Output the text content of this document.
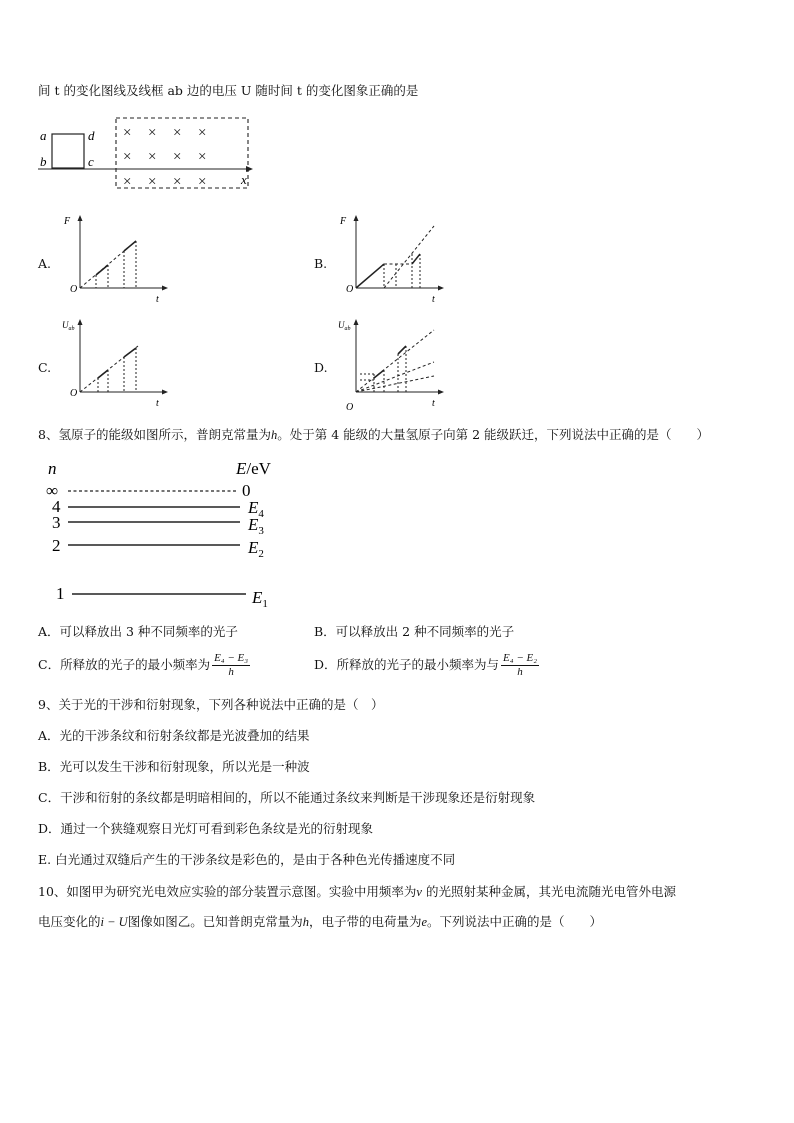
间 t 的变化图线及线框 ab 边的电压 U 随时间 t 的变化图象正确的是
a
b
d
c
x
× × × ×
× × × ×
× × × ×
A.	B.
C.	D.
F
O
t
F
O
t
$U_{ab}$
O
t
$U_{ab}$
O	t
8、氢原子的能级如图所示，普朗克常量为h。处于第 4 能级的大量氢原子向第 2 能级跃迁，下列说法中正确的是（　　）
n	E/eV
∞	0
4	$E_4$
3	$E_3$
2	$E_2$
1	$E_1$
A．可以释放出 3 种不同频率的光子	B．可以释放出 2 种不同频率的光子
C．所释放的光子的最小频率为 $\frac{\text{E₄ − E₃}}{h}$	D．所释放的光子的最小频率为与 $\frac{\text{E₄ − E₂}}{h}$
9、关于光的干涉和衍射现象，下列各种说法中正确的是（　）
A．光的干涉条纹和衍射条纹都是光波叠加的结果
B．光可以发生干涉和衍射现象，所以光是一种波
C．干涉和衍射的条纹都是明暗相间的，所以不能通过条纹来判断是干涉现象还是衍射现象
D．通过一个狭缝观察日光灯可看到彩色条纹是光的衍射现象
E. 白光通过双缝后产生的干涉条纹是彩色的，是由于各种色光传播速度不同
10、如图甲为研究光电效应实验的部分装置示意图。实验中用频率为ν 的光照射某种金属，其光电流随光电管外电源
电压变化的i − U图像如图乙。已知普朗克常量为h，电子带的电荷量为e。下列说法中正确的是（　　）
